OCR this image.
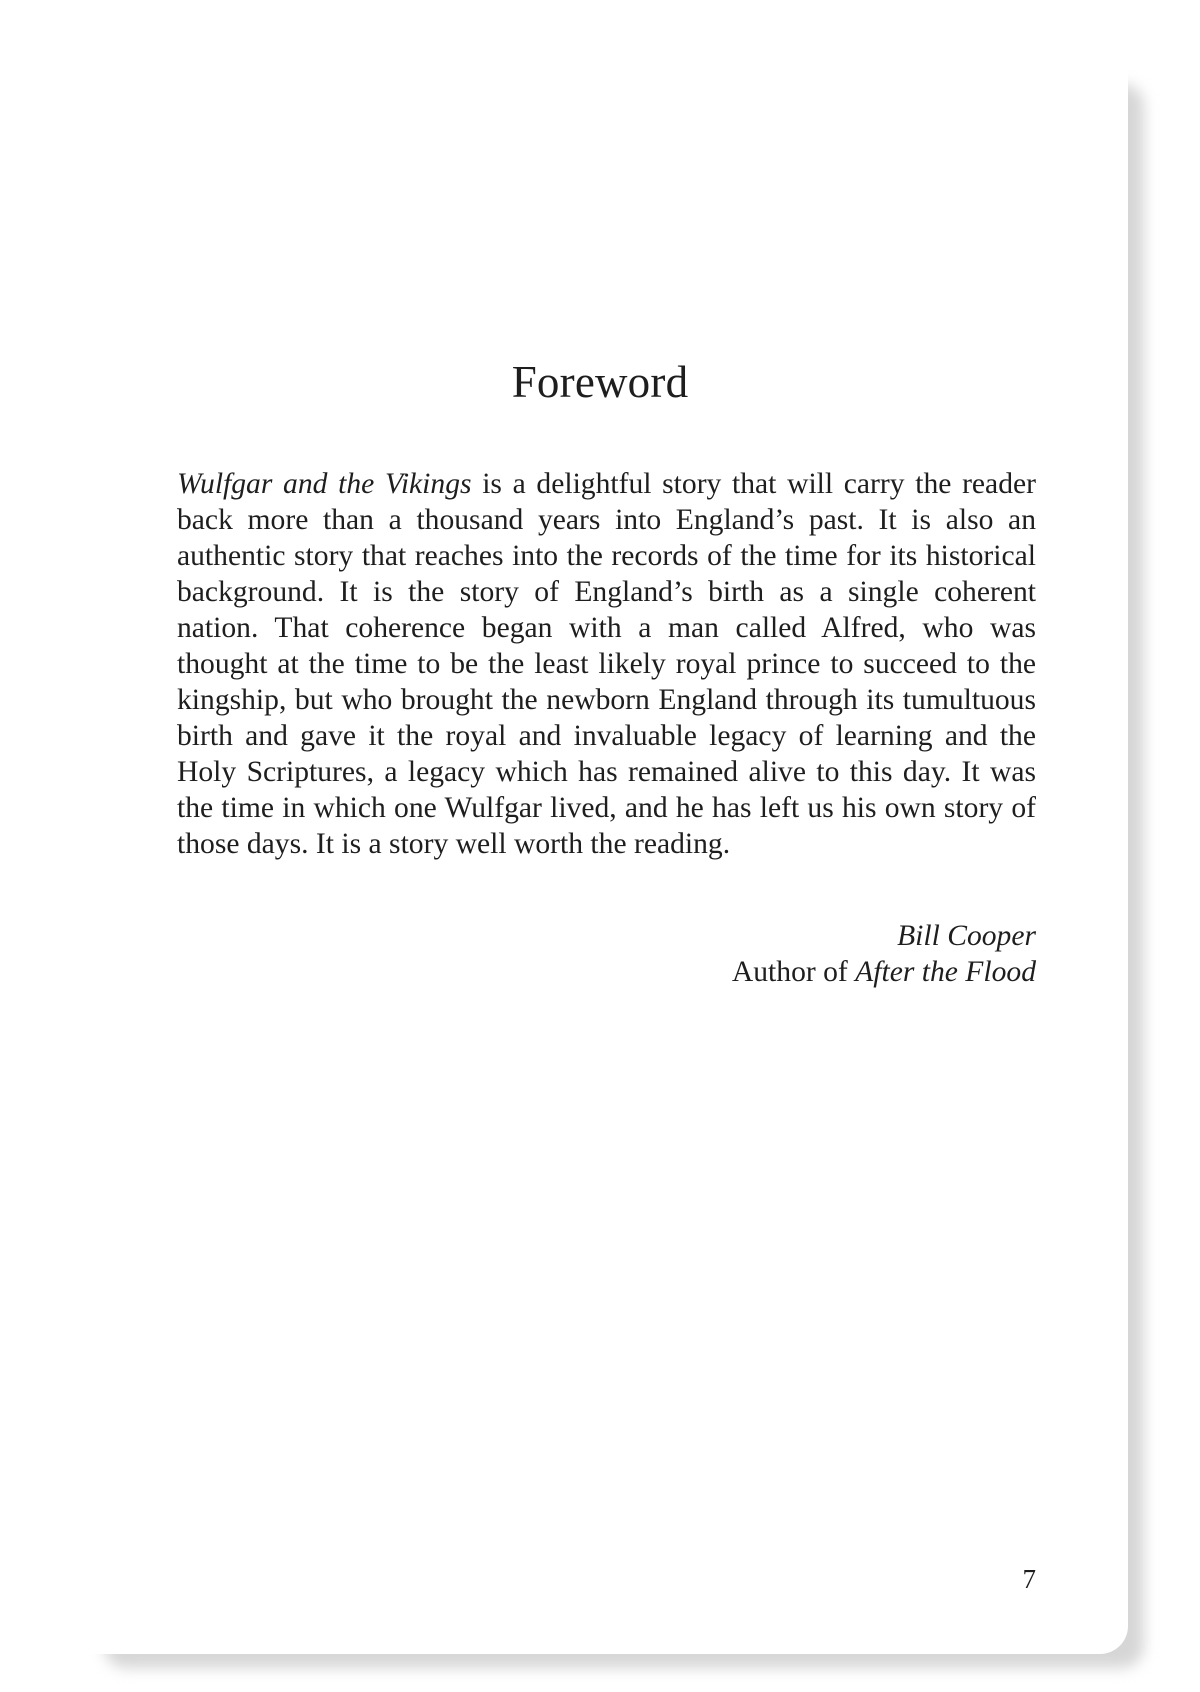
Foreword

Wulfgar and the Vikings is a delightful story that will carry the reader back more than a thousand years into England’s past. It is also an authentic story that reaches into the records of the time for its historical background. It is the story of England’s birth as a single coherent nation. That coherence began with a man called Alfred, who was thought at the time to be the least likely royal prince to succeed to the kingship, but who brought the newborn England through its tumultuous birth and gave it the royal and invaluable legacy of learning and the Holy Scriptures, a legacy which has remained alive to this day. It was the time in which one Wulfgar lived, and he has left us his own story of those days. It is a story well worth the reading.

Bill Cooper
Author of After the Flood
7
